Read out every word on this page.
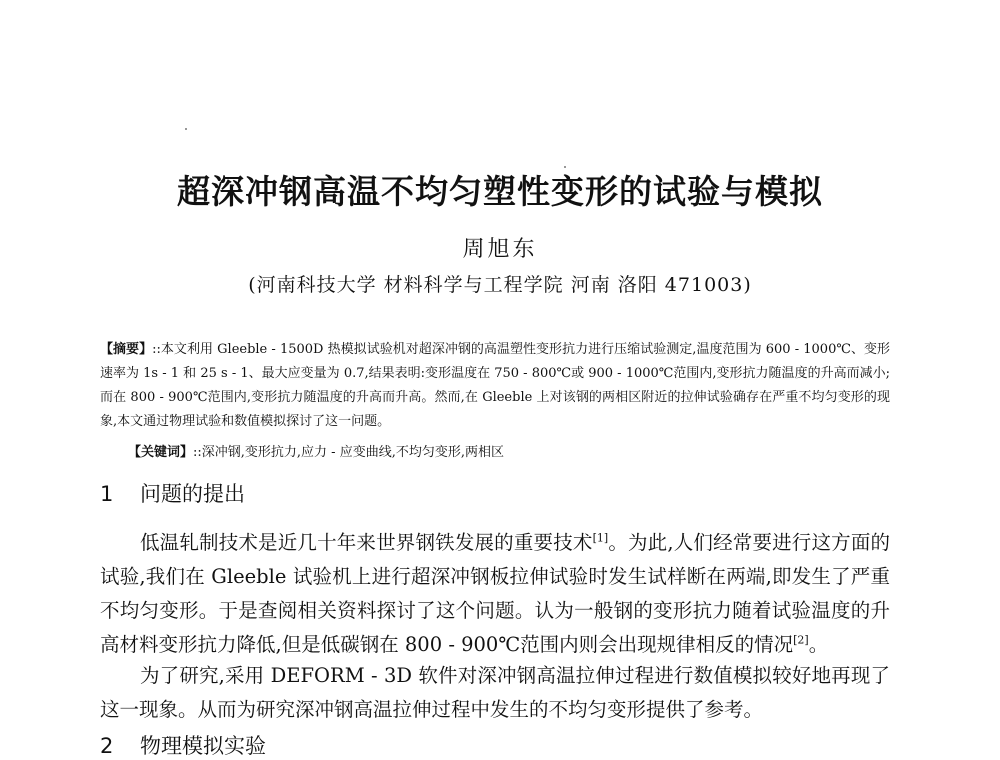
超深冲钢高温不均匀塑性变形的试验与模拟
周旭东
(河南科技大学 材料科学与工程学院 河南 洛阳 471003)
【摘要】::本文利用 Gleeble - 1500D 热模拟试验机对超深冲钢的高温塑性变形抗力进行压缩试验测定,温度范围为 600 - 1000℃、变形速率为 1s - 1 和 25 s - 1、最大应变量为 0.7,结果表明:变形温度在 750 - 800℃或 900 - 1000℃范围内,变形抗力随温度的升高而减小;而在 800 - 900℃范围内,变形抗力随温度的升高而升高。然而,在 Gleeble 上对该钢的两相区附近的拉伸试验确存在严重不均匀变形的现象,本文通过物理试验和数值模拟探讨了这一问题。
【关键词】::深冲钢,变形抗力,应力 - 应变曲线,不均匀变形,两相区
1 问题的提出
低温轧制技术是近几十年来世界钢铁发展的重要技术[1]。为此,人们经常要进行这方面的试验,我们在 Gleeble 试验机上进行超深冲钢板拉伸试验时发生试样断在两端,即发生了严重不均匀变形。于是查阅相关资料探讨了这个问题。认为一般钢的变形抗力随着试验温度的升高材料变形抗力降低,但是低碳钢在 800 - 900℃范围内则会出现规律相反的情况[2]。
为了研究,采用 DEFORM - 3D 软件对深冲钢高温拉伸过程进行数值模拟较好地再现了这一现象。从而为研究深冲钢高温拉伸过程中发生的不均匀变形提供了参考。
2 物理模拟实验
